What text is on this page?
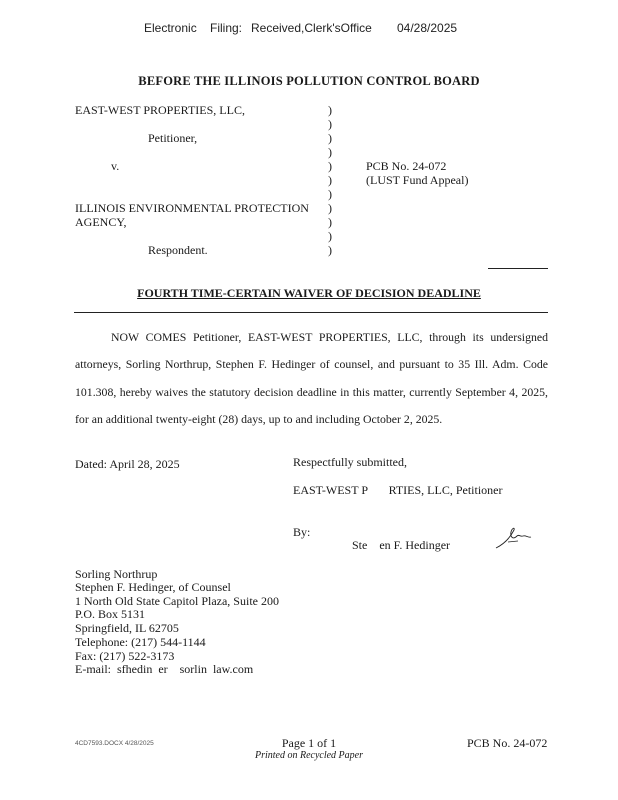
Electronic Filing: Received,Clerk'sOffice 04/28/2025
BEFORE THE ILLINOIS POLLUTION CONTROL BOARD
EAST-WEST PROPERTIES, LLC,
Petitioner,
v.
ILLINOIS ENVIRONMENTAL PROTECTION
AGENCY,
Respondent.
)
)
)
)
)
)
)
)
)
)
)
PCB No. 24-072
(LUST Fund Appeal)
FOURTH TIME-CERTAIN WAIVER OF DECISION DEADLINE
NOW COMES Petitioner, EAST-WEST PROPERTIES, LLC, through its undersigned
attorneys, Sorling Northrup, Stephen F. Hedinger of counsel, and pursuant to 35 Ill. Adm. Code
101.308, hereby waives the statutory decision deadline in this matter, currently September 4, 2025,
for an additional twenty-eight (28) days, up to and including October 2, 2025.
Dated: April 28, 2025	Respectfully submitted,
EAST-WEST P       RTIES, LLC, Petitioner
By:
Ste    en F. Hedinger
Sorling Northrup
Stephen F. Hedinger, of Counsel
1 North Old State Capitol Plaza, Suite 200
P.O. Box 5131
Springfield, IL 62705
Telephone: (217) 544-1144
Fax: (217) 522-3173
E-mail:  sfhedin  er    sorlin  law.com
4CD7593.DOCX 4/28/2025	Page 1 of 1
Printed on Recycled Paper
PCB No. 24-072
